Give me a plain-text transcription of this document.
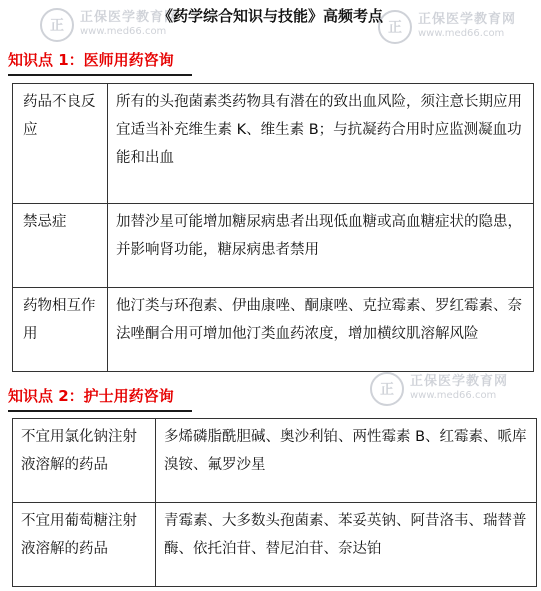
正
正保医学教育网
www.med66.com	正
正保医学教育网
www.med66.com
正
正保医学教育网
www.med66.com
《药学综合知识与技能》高频考点
知识点 1：医师用药咨询
药品不良反应	所有的头孢菌素类药物具有潜在的致出血风险，须注意长期应用宜适当补充维生素 K、维生素 B；与抗凝药合用时应监测凝血功能和出血
禁忌症	加替沙星可能增加糖尿病患者出现低血糖或高血糖症状的隐患，并影响肾功能，糖尿病患者禁用
药物相互作用	他汀类与环孢素、伊曲康唑、酮康唑、克拉霉素、罗红霉素、奈法唑酮合用可增加他汀类血药浓度，增加横纹肌溶解风险
知识点 2：护士用药咨询
不宜用氯化钠注射液溶解的药品	多烯磷脂酰胆碱、奥沙利铂、两性霉素 B、红霉素、哌库溴铵、氟罗沙星
不宜用葡萄糖注射液溶解的药品	青霉素、大多数头孢菌素、苯妥英钠、阿昔洛韦、瑞替普酶、依托泊苷、替尼泊苷、奈达铂
